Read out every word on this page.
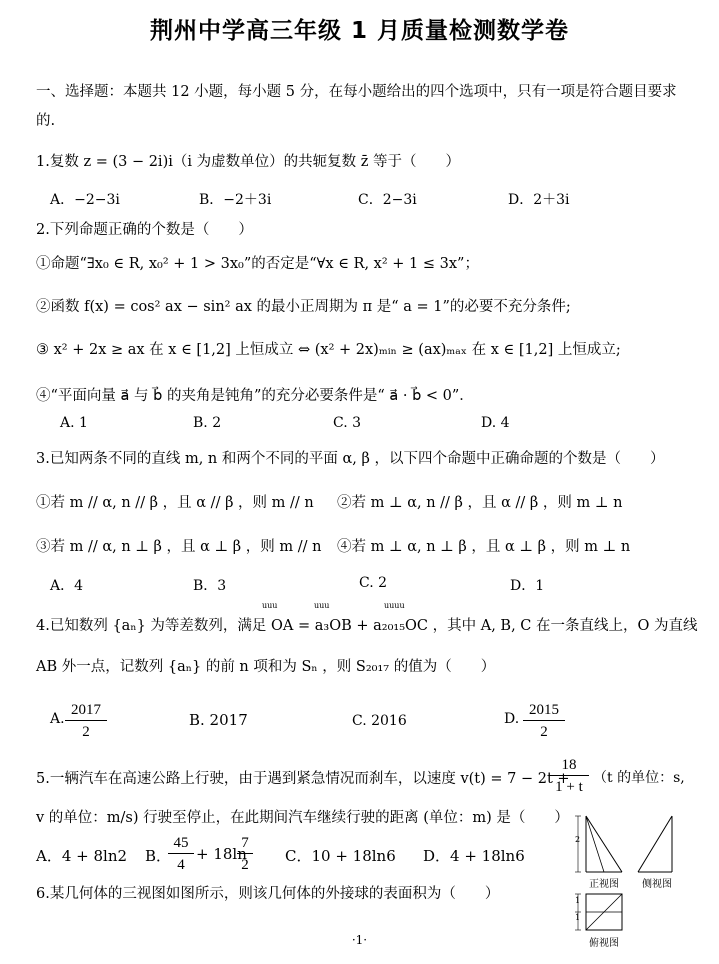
荆州中学高三年级 1 月质量检测数学卷
一、选择题：本题共 12 小题，每小题 5 分，在每小题给出的四个选项中，只有一项是符合题目要求
的.
1.复数 z = (3 − 2i)i（i 为虚数单位）的共轭复数 z̄ 等于（　　）
A．−2−3i	B．−2＋3i	C．2−3i	D．2＋3i
2.下列命题正确的个数是（　　）
①命题“∃x₀ ∈ R, x₀² + 1 > 3x₀”的否定是“∀x ∈ R, x² + 1 ≤ 3x”；
②函数 f(x) = cos² ax − sin² ax 的最小正周期为 π 是“ a = 1”的必要不充分条件;
③ x² + 2x ≥ ax 在 x ∈ [1,2] 上恒成立 ⇔ (x² + 2x)ₘᵢₙ ≥ (ax)ₘₐₓ 在 x ∈ [1,2] 上恒成立;
④“平面向量 a⃗ 与 b⃗ 的夹角是钝角”的充分必要条件是“ a⃗ · b⃗ < 0”．
A. 1	B. 2	C. 3	D. 4
3.已知两条不同的直线 m, n 和两个不同的平面 α, β ，以下四个命题中正确命题的个数是（　　）
①若 m // α, n // β ，且 α // β ，则 m // n ②若 m ⊥ α, n // β ，且 α // β ，则 m ⊥ n
③若 m // α, n ⊥ β ，且 α ⊥ β ，则 m // n ④若 m ⊥ α, n ⊥ β ，且 α ⊥ β ，则 m ⊥ n
A．4	B．3	C. 2	D．1
uuu	uuu	uuuu
4.已知数列 {aₙ} 为等差数列，满足 OA = a₃OB + a₂₀₁₅OC ，其中 A, B, C 在一条直线上，O 为直线
AB 外一点，记数列 {aₙ} 的前 n 项和为 Sₙ ，则 S₂₀₁₇ 的值为（　　）
A. $\frac{2017}{2}$	B. 2017	C. 2016	D. $\frac{2015}{2}$
5.一辆汽车在高速公路上行驶，由于遇到紧急情况而刹车，以速度 v(t) = 7 − 2t +
$\frac{18}{1 + t} (t$ 的单位：s,
v 的单位：m/s) 行驶至停止，在此期间汽车继续行驶的距离 (单位：m) 是（　　）
A．4 + 8ln2 B．
$\frac{45}{4} + 18\ln$
$\frac{7}{2}$ C．10 + 18ln6 D．4 + 18ln6
6.某几何体的三视图如图所示，则该几何体的外接球的表面积为（　　）
2
1
1
正视图 侧视图
俯视图
·1·
